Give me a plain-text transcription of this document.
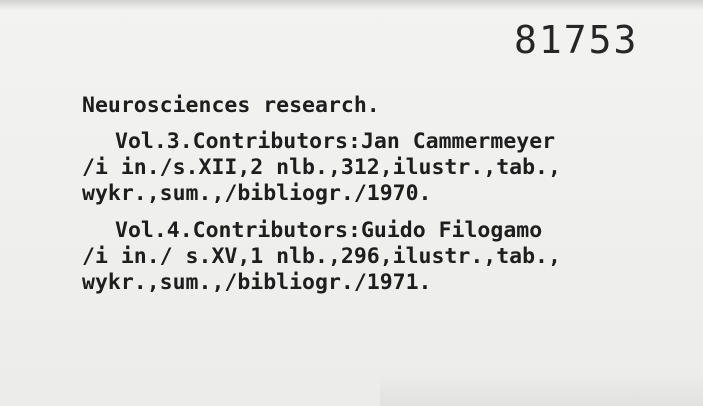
81753
Neurosciences research.
Vol.3.Contributors:Jan Cammermeyer
/i in./s.XII,2 nlb.,312,ilustr.,tab.,
wykr.,sum.,/bibliogr./1970.
Vol.4.Contributors:Guido Filogamo
/i in./ s.XV,1 nlb.,296,ilustr.,tab.,
wykr.,sum.,/bibliogr./1971.
